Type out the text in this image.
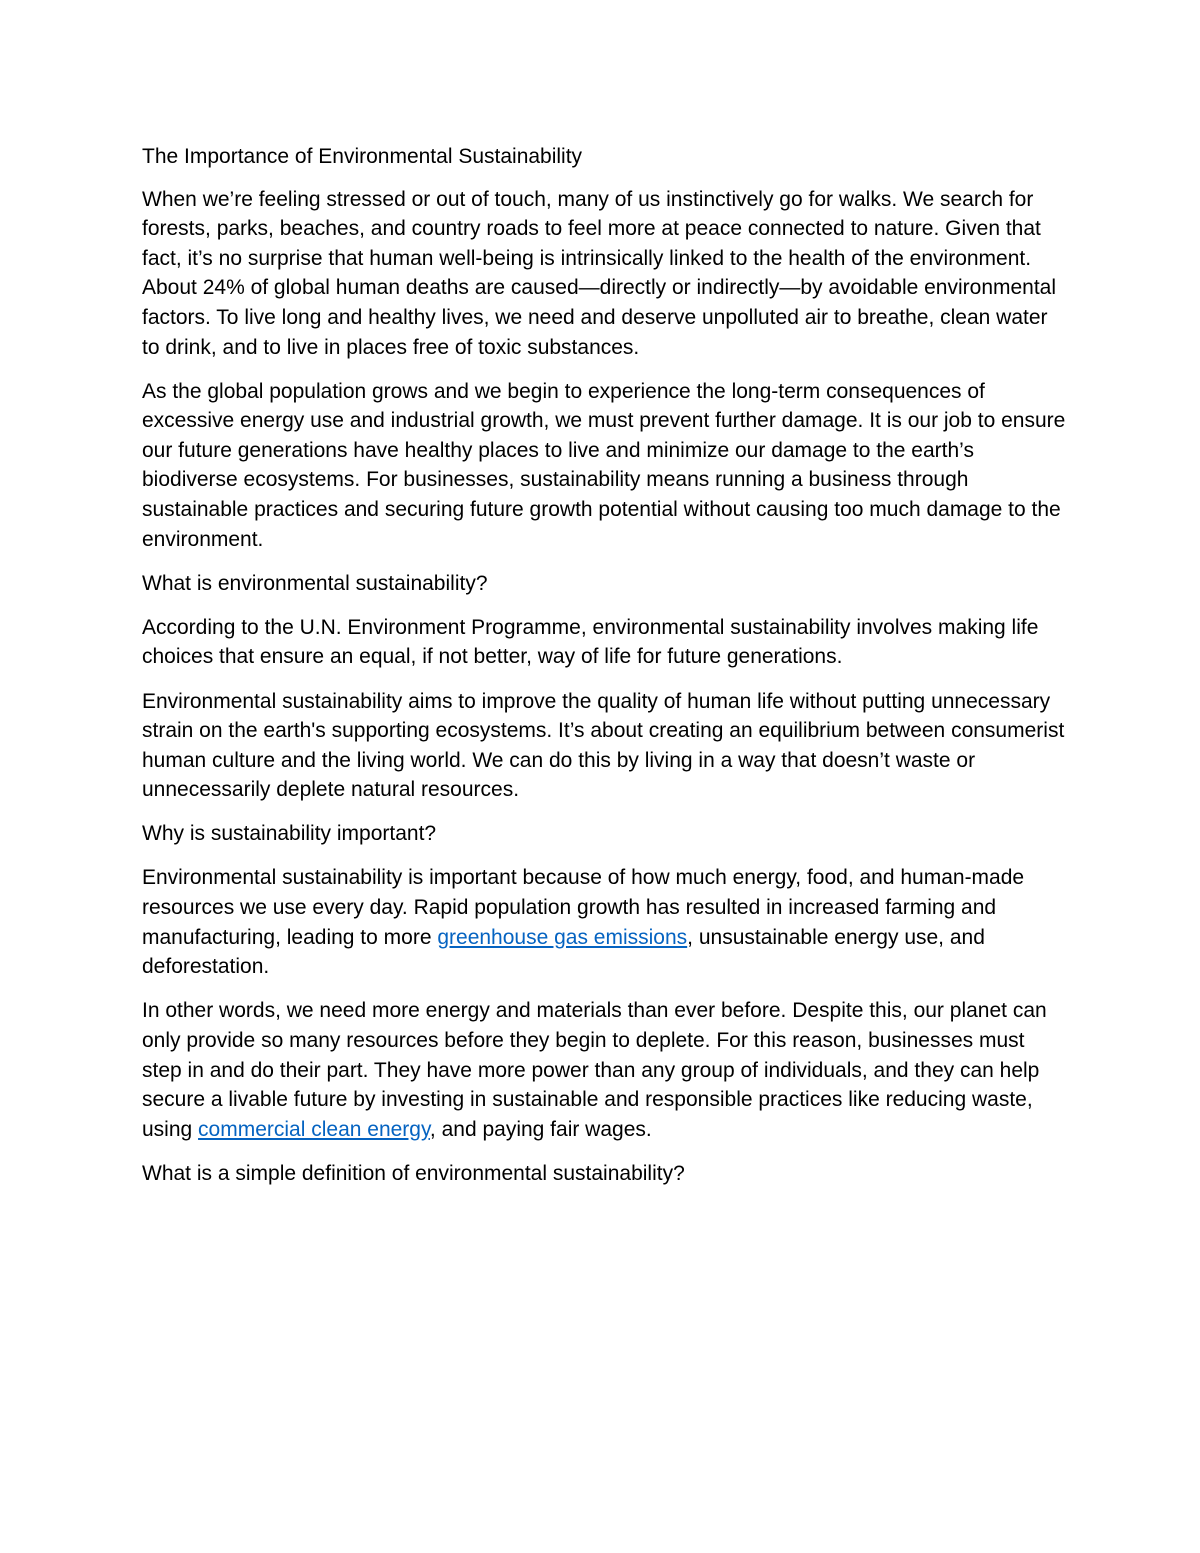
The Importance of Environmental Sustainability

When we’re feeling stressed or out of touch, many of us instinctively go for walks. We search for forests, parks, beaches, and country roads to feel more at peace connected to nature. Given that fact, it’s no surprise that human well-being is intrinsically linked to the health of the environment. About 24% of global human deaths are caused—directly or indirectly—by avoidable environmental factors. To live long and healthy lives, we need and deserve unpolluted air to breathe, clean water to drink, and to live in places free of toxic substances.

As the global population grows and we begin to experience the long-term consequences of excessive energy use and industrial growth, we must prevent further damage. It is our job to ensure our future generations have healthy places to live and minimize our damage to the earth’s biodiverse ecosystems. For businesses, sustainability means running a business through sustainable practices and securing future growth potential without causing too much damage to the environment.

What is environmental sustainability?

According to the U.N. Environment Programme, environmental sustainability involves making life choices that ensure an equal, if not better, way of life for future generations.

Environmental sustainability aims to improve the quality of human life without putting unnecessary strain on the earth's supporting ecosystems. It’s about creating an equilibrium between consumerist human culture and the living world. We can do this by living in a way that doesn’t waste or unnecessarily deplete natural resources.

Why is sustainability important?

Environmental sustainability is important because of how much energy, food, and human-made resources we use every day. Rapid population growth has resulted in increased farming and manufacturing, leading to more greenhouse gas emissions, unsustainable energy use, and deforestation.

In other words, we need more energy and materials than ever before. Despite this, our planet can only provide so many resources before they begin to deplete. For this reason, businesses must step in and do their part. They have more power than any group of individuals, and they can help secure a livable future by investing in sustainable and responsible practices like reducing waste, using commercial clean energy, and paying fair wages.

What is a simple definition of environmental sustainability?
